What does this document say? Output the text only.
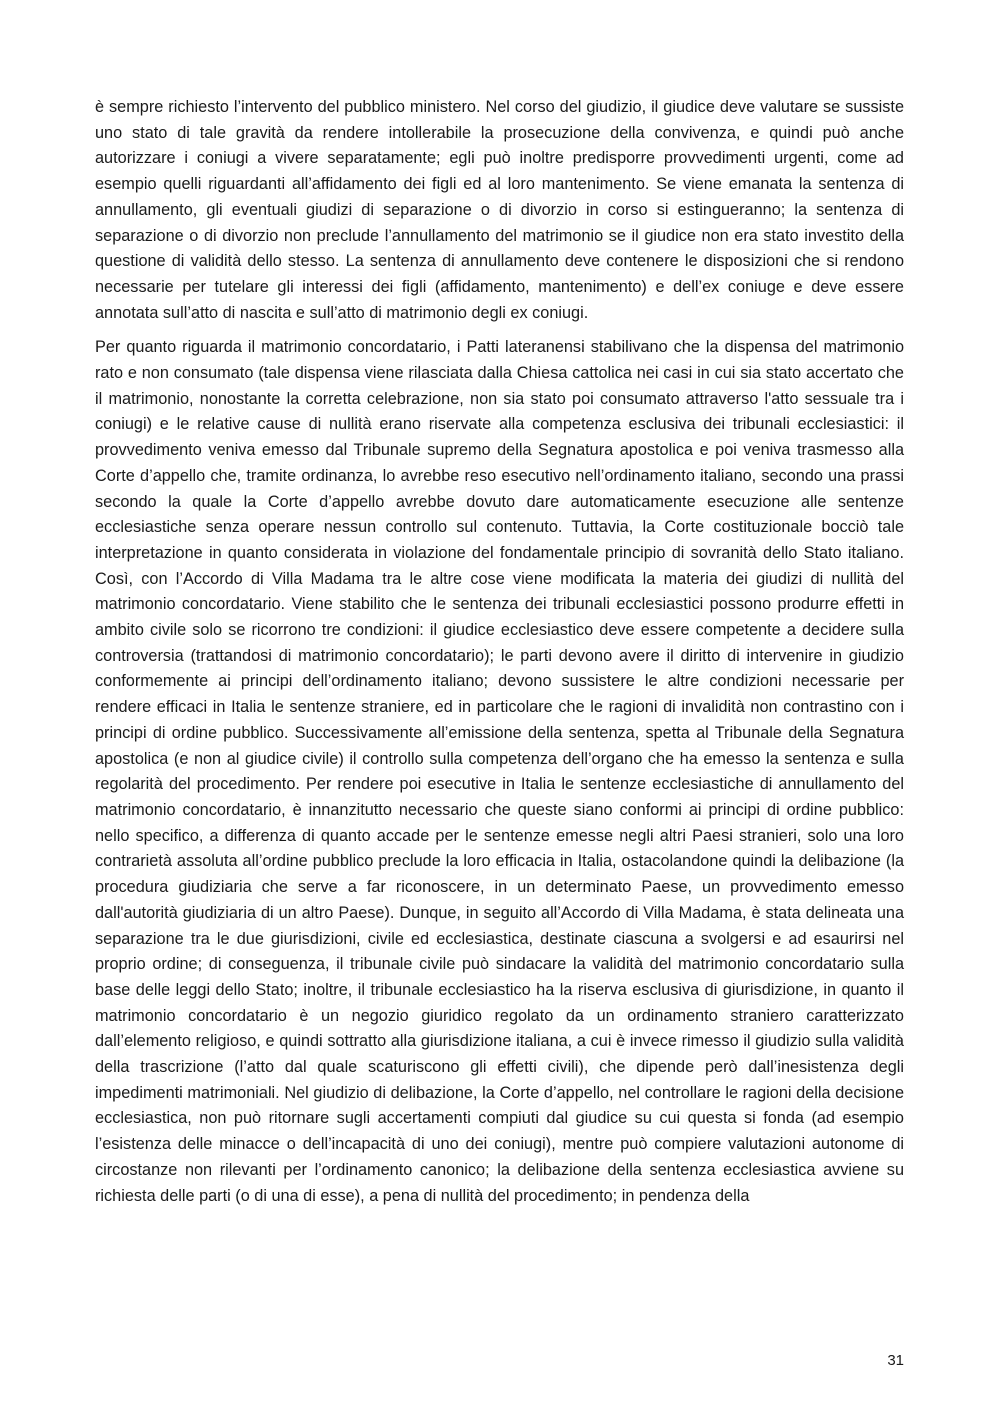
è sempre richiesto l’intervento del pubblico ministero. Nel corso del giudizio, il giudice deve valutare se sussiste uno stato di tale gravità da rendere intollerabile la prosecuzione della convivenza, e quindi può anche autorizzare i coniugi a vivere separatamente; egli può inoltre predisporre provvedimenti urgenti, come ad esempio quelli riguardanti all’affidamento dei figli ed al loro mantenimento. Se viene emanata la sentenza di annullamento, gli eventuali giudizi di separazione o di divorzio in corso si estingueranno; la sentenza di separazione o di divorzio non preclude l’annullamento del matrimonio se il giudice non era stato investito della questione di validità dello stesso. La sentenza di annullamento deve contenere le disposizioni che si rendono necessarie per tutelare gli interessi dei figli (affidamento, mantenimento) e dell’ex coniuge e deve essere annotata sull’atto di nascita e sull’atto di matrimonio degli ex coniugi.

Per quanto riguarda il matrimonio concordatario, i Patti lateranensi stabilivano che la dispensa del matrimonio rato e non consumato (tale dispensa viene rilasciata dalla Chiesa cattolica nei casi in cui sia stato accertato che il matrimonio, nonostante la corretta celebrazione, non sia stato poi consumato attraverso l'atto sessuale tra i coniugi) e le relative cause di nullità erano riservate alla competenza esclusiva dei tribunali ecclesiastici: il provvedimento veniva emesso dal Tribunale supremo della Segnatura apostolica e poi veniva trasmesso alla Corte d’appello che, tramite ordinanza, lo avrebbe reso esecutivo nell’ordinamento italiano, secondo una prassi secondo la quale la Corte d’appello avrebbe dovuto dare automaticamente esecuzione alle sentenze ecclesiastiche senza operare nessun controllo sul contenuto. Tuttavia, la Corte costituzionale bocciò tale interpretazione in quanto considerata in violazione del fondamentale principio di sovranità dello Stato italiano. Così, con l’Accordo di Villa Madama tra le altre cose viene modificata la materia dei giudizi di nullità del matrimonio concordatario. Viene stabilito che le sentenza dei tribunali ecclesiastici possono produrre effetti in ambito civile solo se ricorrono tre condizioni: il giudice ecclesiastico deve essere competente a decidere sulla controversia (trattandosi di matrimonio concordatario); le parti devono avere il diritto di intervenire in giudizio conformemente ai principi dell’ordinamento italiano; devono sussistere le altre condizioni necessarie per rendere efficaci in Italia le sentenze straniere, ed in particolare che le ragioni di invalidità non contrastino con i principi di ordine pubblico. Successivamente all’emissione della sentenza, spetta al Tribunale della Segnatura apostolica (e non al giudice civile) il controllo sulla competenza dell’organo che ha emesso la sentenza e sulla regolarità del procedimento. Per rendere poi esecutive in Italia le sentenze ecclesiastiche di annullamento del matrimonio concordatario, è innanzitutto necessario che queste siano conformi ai principi di ordine pubblico: nello specifico, a differenza di quanto accade per le sentenze emesse negli altri Paesi stranieri, solo una loro contrarietà assoluta all’ordine pubblico preclude la loro efficacia in Italia, ostacolandone quindi la delibazione (la procedura giudiziaria che serve a far riconoscere, in un determinato Paese, un provvedimento emesso dall'autorità giudiziaria di un altro Paese). Dunque, in seguito all’Accordo di Villa Madama, è stata delineata una separazione tra le due giurisdizioni, civile ed ecclesiastica, destinate ciascuna a svolgersi e ad esaurirsi nel proprio ordine; di conseguenza, il tribunale civile può sindacare la validità del matrimonio concordatario sulla base delle leggi dello Stato; inoltre, il tribunale ecclesiastico ha la riserva esclusiva di giurisdizione, in quanto il matrimonio concordatario è un negozio giuridico regolato da un ordinamento straniero caratterizzato dall’elemento religioso, e quindi sottratto alla giurisdizione italiana, a cui è invece rimesso il giudizio sulla validità della trascrizione (l’atto dal quale scaturiscono gli effetti civili), che dipende però dall’inesistenza degli impedimenti matrimoniali. Nel giudizio di delibazione, la Corte d’appello, nel controllare le ragioni della decisione ecclesiastica, non può ritornare sugli accertamenti compiuti dal giudice su cui questa si fonda (ad esempio l’esistenza delle minacce o dell’incapacità di uno dei coniugi), mentre può compiere valutazioni autonome di circostanze non rilevanti per l’ordinamento canonico; la delibazione della sentenza ecclesiastica avviene su richiesta delle parti (o di una di esse), a pena di nullità del procedimento; in pendenza della

31
